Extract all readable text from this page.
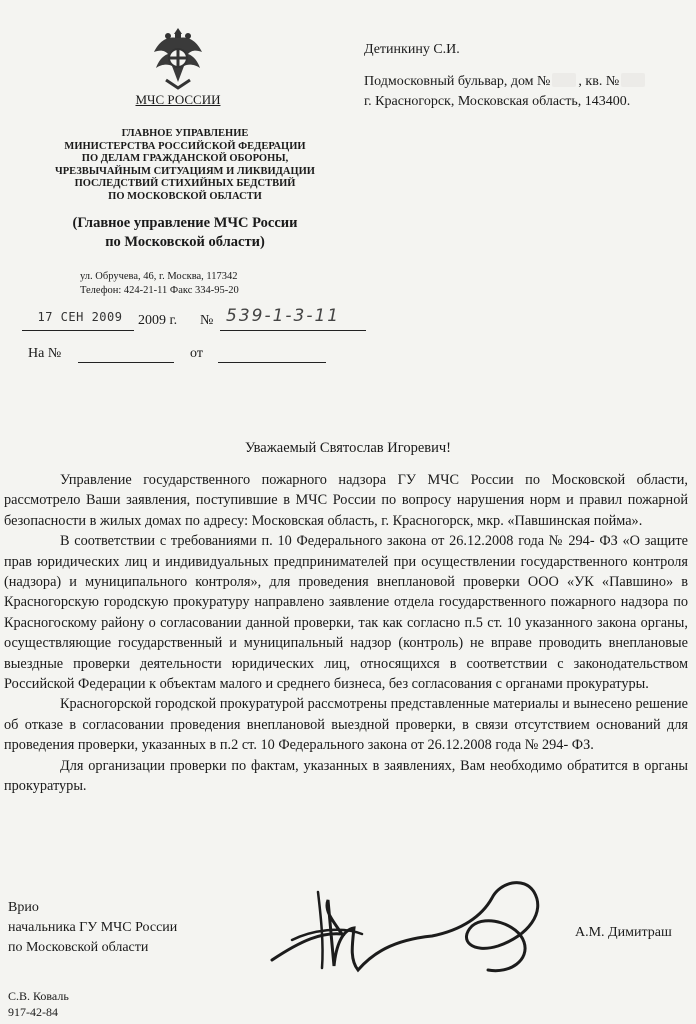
МЧС РОССИИ
ГЛАВНОЕ УПРАВЛЕНИЕ
МИНИСТЕРСТВА РОССИЙСКОЙ ФЕДЕРАЦИИ
ПО ДЕЛАМ ГРАЖДАНСКОЙ ОБОРОНЫ,
ЧРЕЗВЫЧАЙНЫМ СИТУАЦИЯМ И ЛИКВИДАЦИИ
ПОСЛЕДСТВИЙ СТИХИЙНЫХ БЕДСТВИЙ
ПО МОСКОВСКОЙ ОБЛАСТИ
(Главное управление МЧС России
по Московской области)
ул. Обручева, 46, г. Москва, 117342
Телефон: 424-21-11 Факс 334-95-20
17 СЕН 2009	2009 г. № 539-1-3-11
На №	от
Детинкину С.И.
Подмосковный бульвар, дом № , кв. №
г. Красногорск, Московская область, 143400.
Уважаемый Святослав Игоревич!

Управление государственного пожарного надзора ГУ МЧС России по Московской области, рассмотрело Ваши заявления, поступившие в МЧС России по вопросу нарушения норм и правил пожарной безопасности в жилых домах по адресу: Московская область, г. Красногорск, мкр. «Павшинская пойма».

В соответствии с требованиями п. 10 Федерального закона от 26.12.2008 года № 294- ФЗ «О защите прав юридических лиц и индивидуальных предпринимателей при осуществлении государственного контроля (надзора) и муниципального контроля», для проведения внеплановой проверки ООО «УК «Павшино» в Красногорскую городскую прокуратуру направлено заявление отдела государственного пожарного надзора по Красногоскому району о согласовании данной проверки, так как согласно п.5 ст. 10 указанного закона органы, осуществляющие государственный и муниципальный надзор (контроль) не вправе проводить внеплановые выездные проверки деятельности юридических лиц, относящихся в соответствии с законодательством Российской Федерации к объектам малого и среднего бизнеса, без согласования с органами прокуратуры.

Красногорской городской прокуратурой рассмотрены представленные материалы и вынесено решение об отказе в согласовании проведения внеплановой выездной проверки, в связи отсутствием оснований для проведения проверки, указанных в п.2 ст. 10 Федерального закона от 26.12.2008 года № 294- ФЗ.

Для организации проверки по фактам, указанных в заявлениях, Вам необходимо обратится в органы прокуратуры.

Врио
начальника ГУ МЧС России
по Московской области
А.М. Димитраш
С.В. Коваль
917-42-84
